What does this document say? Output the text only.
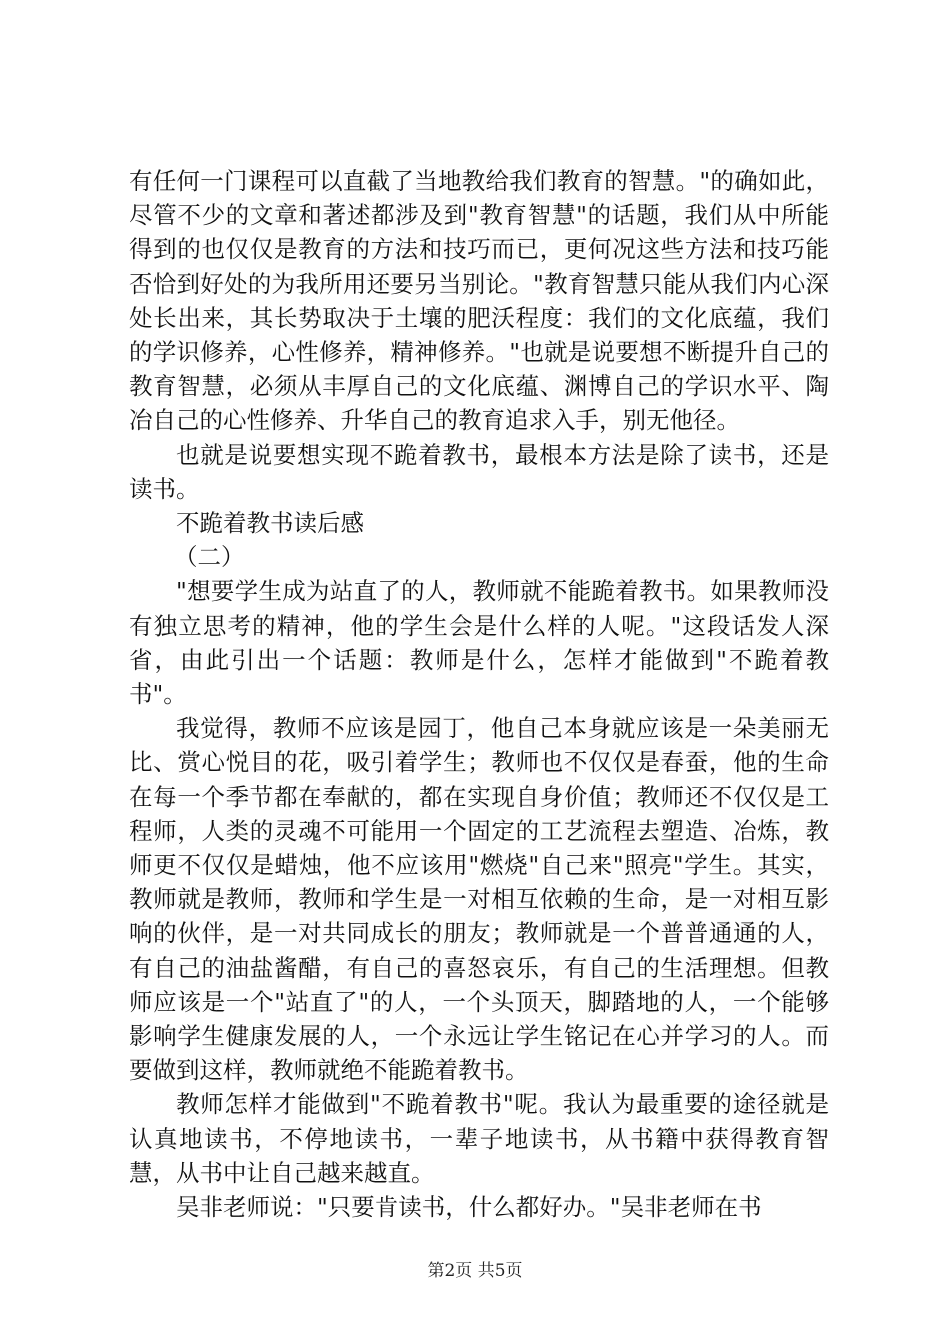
有任何一门课程可以直截了当地教给我们教育的智慧。"的确如此，尽管不少的文章和著述都涉及到"教育智慧"的话题，我们从中所能得到的也仅仅是教育的方法和技巧而已，更何况这些方法和技巧能否恰到好处的为我所用还要另当别论。"教育智慧只能从我们内心深处长出来，其长势取决于土壤的肥沃程度：我们的文化底蕴，我们的学识修养，心性修养，精神修养。"也就是说要想不断提升自己的教育智慧，必须从丰厚自己的文化底蕴、渊博自己的学识水平、陶冶自己的心性修养、升华自己的教育追求入手，别无他径。

也就是说要想实现不跪着教书，最根本方法是除了读书，还是读书。

不跪着教书读后感

（二）

"想要学生成为站直了的人，教师就不能跪着教书。如果教师没有独立思考的精神，他的学生会是什么样的人呢。"这段话发人深省，由此引出一个话题：教师是什么，怎样才能做到"不跪着教书"。

我觉得，教师不应该是园丁，他自己本身就应该是一朵美丽无比、赏心悦目的花，吸引着学生；教师也不仅仅是春蚕，他的生命在每一个季节都在奉献的，都在实现自身价值；教师还不仅仅是工程师，人类的灵魂不可能用一个固定的工艺流程去塑造、冶炼，教师更不仅仅是蜡烛，他不应该用"燃烧"自己来"照亮"学生。其实，教师就是教师，教师和学生是一对相互依赖的生命，是一对相互影响的伙伴，是一对共同成长的朋友；教师就是一个普普通通的人，有自己的油盐酱醋，有自己的喜怒哀乐，有自己的生活理想。但教师应该是一个"站直了"的人，一个头顶天，脚踏地的人，一个能够影响学生健康发展的人，一个永远让学生铭记在心并学习的人。而要做到这样，教师就绝不能跪着教书。

教师怎样才能做到"不跪着教书"呢。我认为最重要的途径就是认真地读书，不停地读书，一辈子地读书，从书籍中获得教育智慧，从书中让自己越来越直。

吴非老师说："只要肯读书，什么都好办。"吴非老师在书

第2页 共5页
